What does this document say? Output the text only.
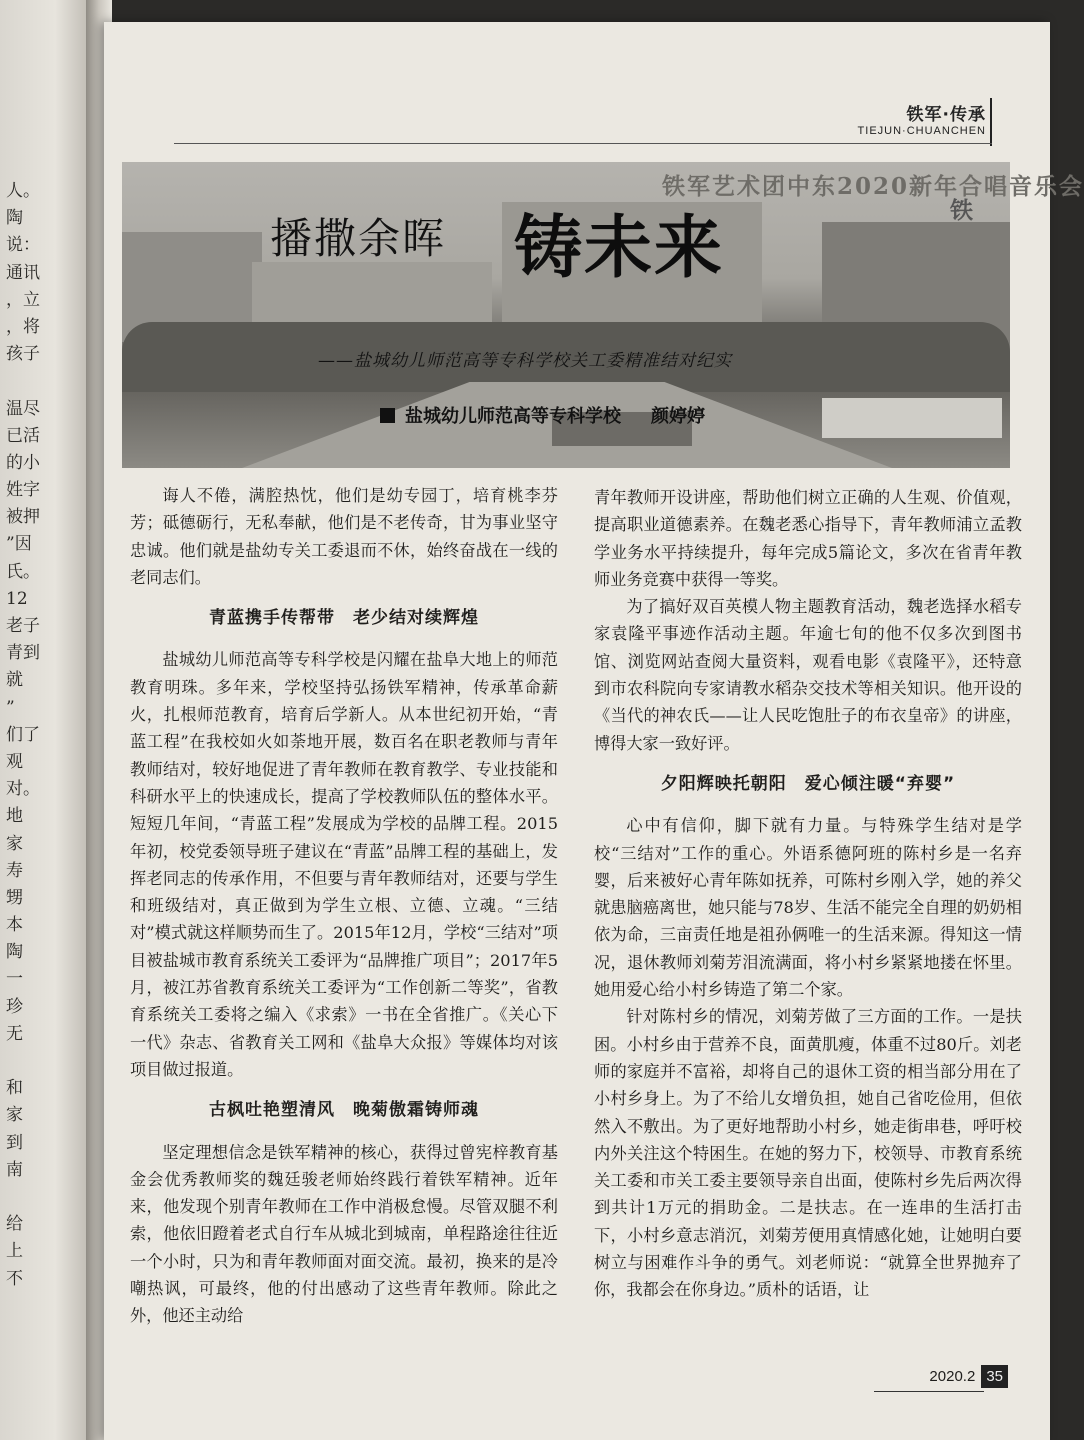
人。
陶
说：
通讯
，立
，将
孩子
温尽
已活
的小
姓字
被押
”因
氏。
12
老子
青到
就
”
们了
观
对。
地
家
寿
甥
本
陶
一
珍
无
和
家
到
南
给
上
不
铁军·传承
TIEJUN·CHUANCHEN
铁军艺术团中东2020新年合唱音乐会
铁
播撒余晖 铸未来
——盐城幼儿师范高等专科学校关工委精准结对纪实
盐城幼儿师范高等专科学校 颜婷婷

诲人不倦，满腔热忱，他们是幼专园丁，培育桃李芬芳；砥德砺行，无私奉献，他们是不老传奇，甘为事业坚守忠诚。他们就是盐幼专关工委退而不休，始终奋战在一线的老同志们。

青蓝携手传帮带　老少结对续辉煌

盐城幼儿师范高等专科学校是闪耀在盐阜大地上的师范教育明珠。多年来，学校坚持弘扬铁军精神，传承革命薪火，扎根师范教育，培育后学新人。从本世纪初开始，“青蓝工程”在我校如火如荼地开展，数百名在职老教师与青年教师结对，较好地促进了青年教师在教育教学、专业技能和科研水平上的快速成长，提高了学校教师队伍的整体水平。短短几年间，“青蓝工程”发展成为学校的品牌工程。2015年初，校党委领导班子建议在“青蓝”品牌工程的基础上，发挥老同志的传承作用，不但要与青年教师结对，还要与学生和班级结对，真正做到为学生立根、立德、立魂。“三结对”模式就这样顺势而生了。2015年12月，学校“三结对”项目被盐城市教育系统关工委评为“品牌推广项目”；2017年5月，被江苏省教育系统关工委评为“工作创新二等奖”，省教育系统关工委将之编入《求索》一书在全省推广。《关心下一代》杂志、省教育关工网和《盐阜大众报》等媒体均对该项目做过报道。

古枫吐艳塑清风　晚菊傲霜铸师魂

坚定理想信念是铁军精神的核心，获得过曾宪梓教育基金会优秀教师奖的魏廷骏老师始终践行着铁军精神。近年来，他发现个别青年教师在工作中消极怠慢。尽管双腿不利索，他依旧蹬着老式自行车从城北到城南，单程路途往往近一个小时，只为和青年教师面对面交流。最初，换来的是冷嘲热讽，可最终，他的付出感动了这些青年教师。除此之外，他还主动给

青年教师开设讲座，帮助他们树立正确的人生观、价值观，提高职业道德素养。在魏老悉心指导下，青年教师浦立孟教学业务水平持续提升，每年完成5篇论文，多次在省青年教师业务竞赛中获得一等奖。

为了搞好双百英模人物主题教育活动，魏老选择水稻专家袁隆平事迹作活动主题。年逾七旬的他不仅多次到图书馆、浏览网站查阅大量资料，观看电影《袁隆平》，还特意到市农科院向专家请教水稻杂交技术等相关知识。他开设的《当代的神农氏——让人民吃饱肚子的布衣皇帝》的讲座，博得大家一致好评。

夕阳辉映托朝阳　爱心倾注暖“弃婴”

心中有信仰，脚下就有力量。与特殊学生结对是学校“三结对”工作的重心。外语系德阿班的陈村乡是一名弃婴，后来被好心青年陈如抚养，可陈村乡刚入学，她的养父就患脑癌离世，她只能与78岁、生活不能完全自理的奶奶相依为命，三亩责任地是祖孙俩唯一的生活来源。得知这一情况，退休教师刘菊芳泪流满面，将小村乡紧紧地搂在怀里。她用爱心给小村乡铸造了第二个家。

针对陈村乡的情况，刘菊芳做了三方面的工作。一是扶困。小村乡由于营养不良，面黄肌瘦，体重不过80斤。刘老师的家庭并不富裕，却将自己的退休工资的相当部分用在了小村乡身上。为了不给儿女增负担，她自己省吃俭用，但依然入不敷出。为了更好地帮助小村乡，她走街串巷，呼吁校内外关注这个特困生。在她的努力下，校领导、市教育系统关工委和市关工委主要领导亲自出面，使陈村乡先后两次得到共计1万元的捐助金。二是扶志。在一连串的生活打击下，小村乡意志消沉，刘菊芳便用真情感化她，让她明白要树立与困难作斗争的勇气。刘老师说：“就算全世界抛弃了你，我都会在你身边。”质朴的话语，让

2020.2 35
